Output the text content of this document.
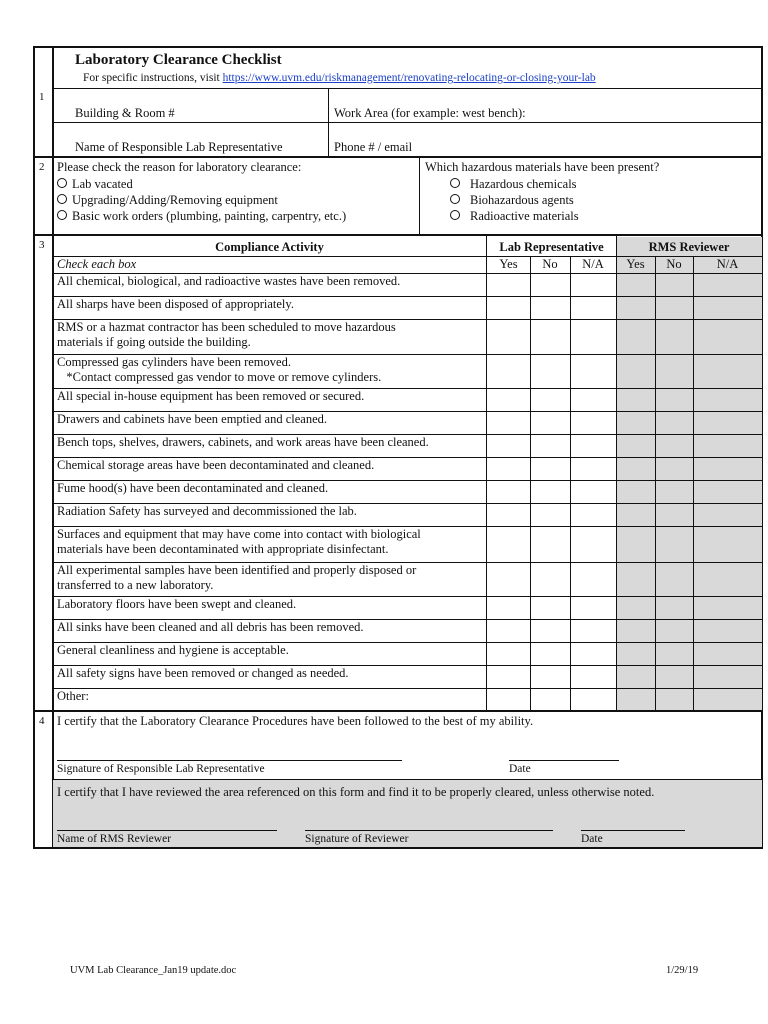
1
Laboratory Clearance Checklist
For specific instructions, visit https://www.uvm.edu/riskmanagement/renovating-relocating-or-closing-your-lab
Building & Room #	Work Area (for example: west bench):
Name of Responsible Lab Representative	Phone # / email
2 Please check the reason for laboratory clearance:
Lab vacated
Upgrading/Adding/Removing equipment
Basic work orders (plumbing, painting, carpentry, etc.)
Which hazardous materials have been present?
Hazardous chemicals
Biohazardous agents
Radioactive materials
3	Compliance Activity	Lab Representative	RMS Reviewer
Check each box	Yes	No	N/A	Yes	No	N/A
All chemical, biological, and radioactive wastes have been removed.
All sharps have been disposed of appropriately.
RMS or a hazmat contractor has been scheduled to move hazardous
materials if going outside the building.
Compressed gas cylinders have been removed.
*Contact compressed gas vendor to move or remove cylinders.
All special in-house equipment has been removed or secured.
Drawers and cabinets have been emptied and cleaned.
Bench tops, shelves, drawers, cabinets, and work areas have been cleaned.
Chemical storage areas have been decontaminated and cleaned.
Fume hood(s) have been decontaminated and cleaned.
Radiation Safety has surveyed and decommissioned the lab.
Surfaces and equipment that may have come into contact with biological
materials have been decontaminated with appropriate disinfectant.
All experimental samples have been identified and properly disposed or
transferred to a new laboratory.
Laboratory floors have been swept and cleaned.
All sinks have been cleaned and all debris has been removed.
General cleanliness and hygiene is acceptable.
All safety signs have been removed or changed as needed.
Other:
4 I certify that the Laboratory Clearance Procedures have been followed to the best of my ability.
Signature of Responsible Lab Representative	Date
I certify that I have reviewed the area referenced on this form and find it to be properly cleared, unless otherwise noted.
Name of RMS Reviewer	Signature of Reviewer	Date
UVM Lab Clearance_Jan19 update.doc	1/29/19
